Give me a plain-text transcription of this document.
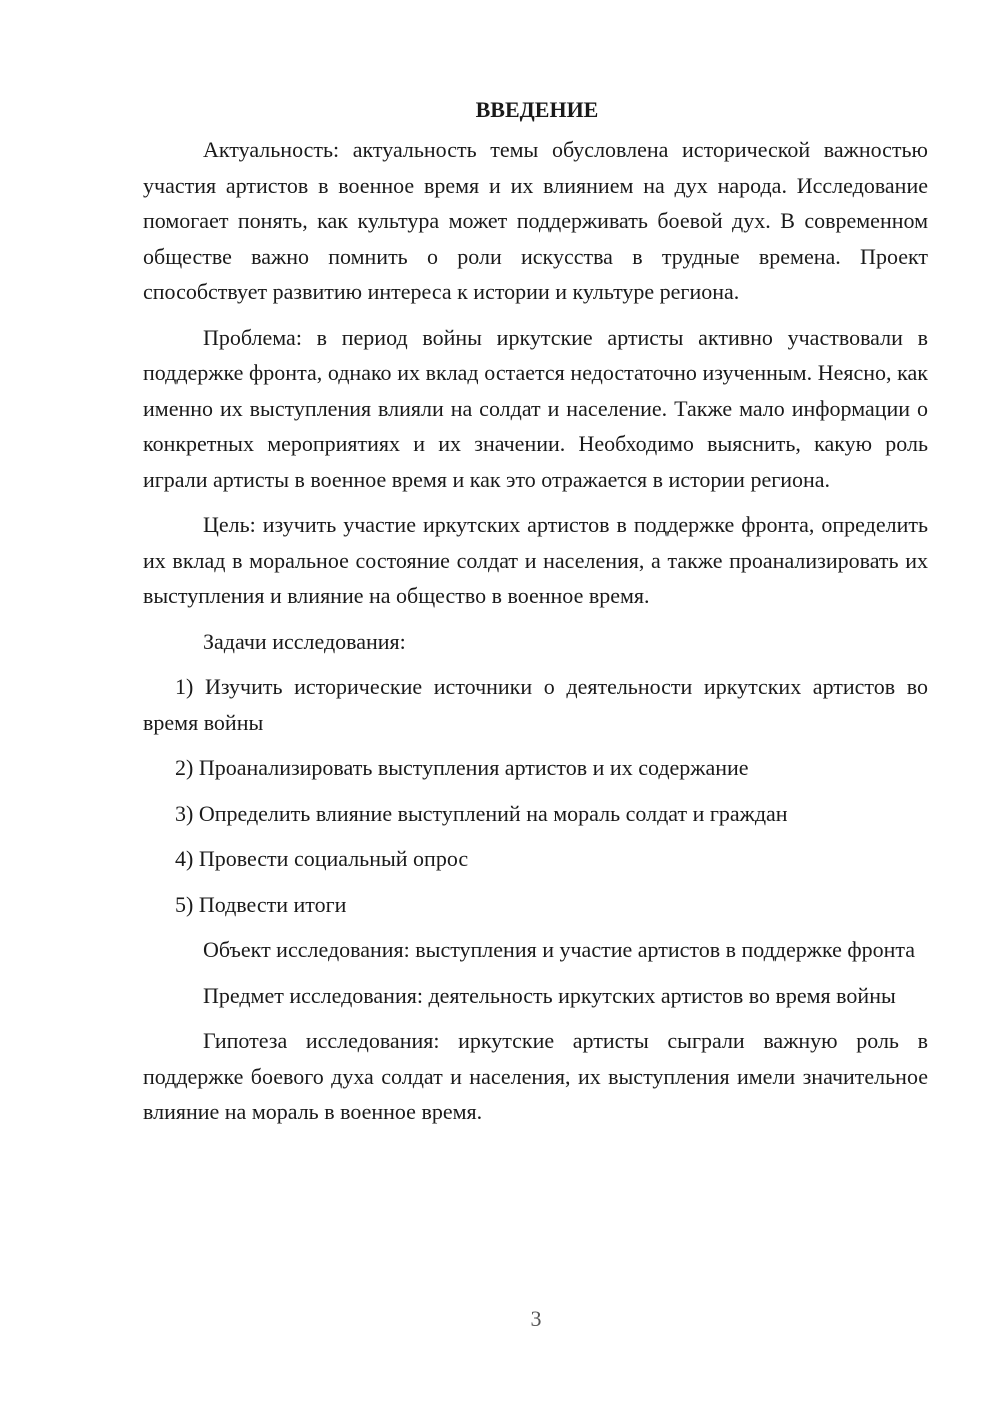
ВВЕДЕНИЕ

Актуальность: актуальность темы обусловлена исторической важностью участия артистов в военное время и их влиянием на дух народа. Исследование помогает понять, как культура может поддерживать боевой дух. В современном обществе важно помнить о роли искусства в трудные времена. Проект способствует развитию интереса к истории и культуре региона.

Проблема: в период войны иркутские артисты активно участвовали в поддержке фронта, однако их вклад остается недостаточно изученным. Неясно, как именно их выступления влияли на солдат и население. Также мало информации о конкретных мероприятиях и их значении. Необходимо выяснить, какую роль играли артисты в военное время и как это отражается в истории региона.

Цель: изучить участие иркутских артистов в поддержке фронта, определить их вклад в моральное состояние солдат и населения, а также проанализировать их выступления и влияние на общество в военное время.

Задачи исследования:

1) Изучить исторические источники о деятельности иркутских артистов во время войны
2) Проанализировать выступления артистов и их содержание
3) Определить влияние выступлений на мораль солдат и граждан
4) Провести социальный опрос
5) Подвести итоги

Объект исследования: выступления и участие артистов в поддержке фронта

Предмет исследования: деятельность иркутских артистов во время войны

Гипотеза исследования: иркутские артисты сыграли важную роль в поддержке боевого духа солдат и населения, их выступления имели значительное влияние на мораль в военное время.

3
